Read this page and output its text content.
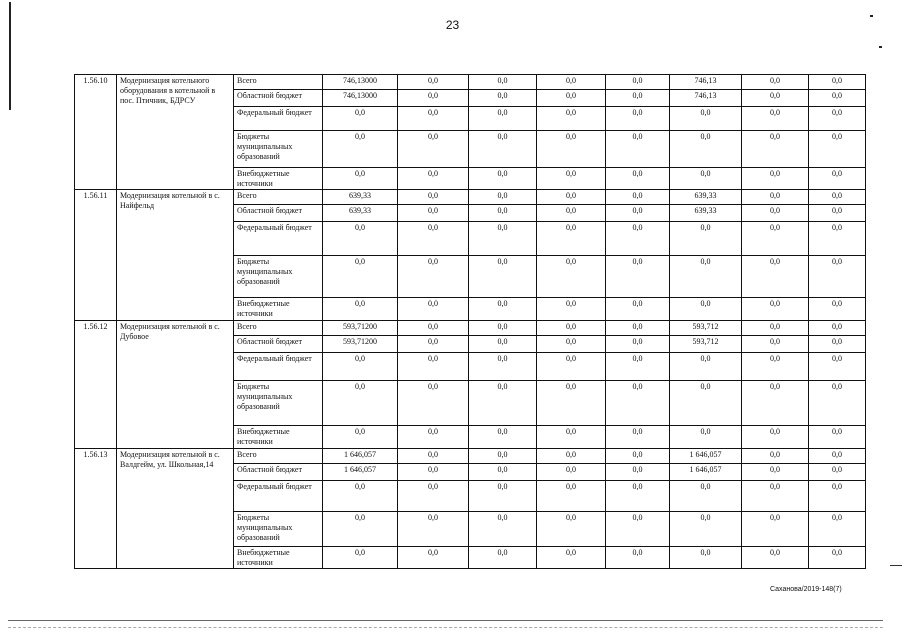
23
1.56.10	Модернизация котельного оборудования в котельной в пос. Птичник, БДРСУ	Всего	746,13000	0,0	0,0	0,0	0,0	746,13	0,0	0,0
		Областной бюджет	746,13000	0,0	0,0	0,0	0,0	746,13	0,0	0,0
		Федеральный бюджет	0,0	0,0	0,0	0,0	0,0	0,0	0,0	0,0
		Бюджеты муниципальных образований	0,0	0,0	0,0	0,0	0,0	0,0	0,0	0,0
		Внебюджетные источники	0,0	0,0	0,0	0,0	0,0	0,0	0,0	0,0
1.56.11	Модернизация котельной в с. Найфельд	Всего	639,33	0,0	0,0	0,0	0,0	639,33	0,0	0,0
		Областной бюджет	639,33	0,0	0,0	0,0	0,0	639,33	0,0	0,0
		Федеральный бюджет	0,0	0,0	0,0	0,0	0,0	0,0	0,0	0,0
		Бюджеты муниципальных образований	0,0	0,0	0,0	0,0	0,0	0,0	0,0	0,0
		Внебюджетные источники	0,0	0,0	0,0	0,0	0,0	0,0	0,0	0,0
1.56.12	Модернизация котельной в с. Дубовое	Всего	593,71200	0,0	0,0	0,0	0,0	593,712	0,0	0,0
		Областной бюджет	593,71200	0,0	0,0	0,0	0,0	593,712	0,0	0,0
		Федеральный бюджет	0,0	0,0	0,0	0,0	0,0	0,0	0,0	0,0
		Бюджеты муниципальных образований	0,0	0,0	0,0	0,0	0,0	0,0	0,0	0,0
		Внебюджетные источники	0,0	0,0	0,0	0,0	0,0	0,0	0,0	0,0
1.56.13	Модернизация котельной в с. Валдгейм, ул. Школьная,14	Всего	1 646,057	0,0	0,0	0,0	0,0	1 646,057	0,0	0,0
		Областной бюджет	1 646,057	0,0	0,0	0,0	0,0	1 646,057	0,0	0,0
		Федеральный бюджет	0,0	0,0	0,0	0,0	0,0	0,0	0,0	0,0
		Бюджеты муниципальных образований	0,0	0,0	0,0	0,0	0,0	0,0	0,0	0,0
		Внебюджетные источники	0,0	0,0	0,0	0,0	0,0	0,0	0,0	0,0
Саханова/2019-148(7)
